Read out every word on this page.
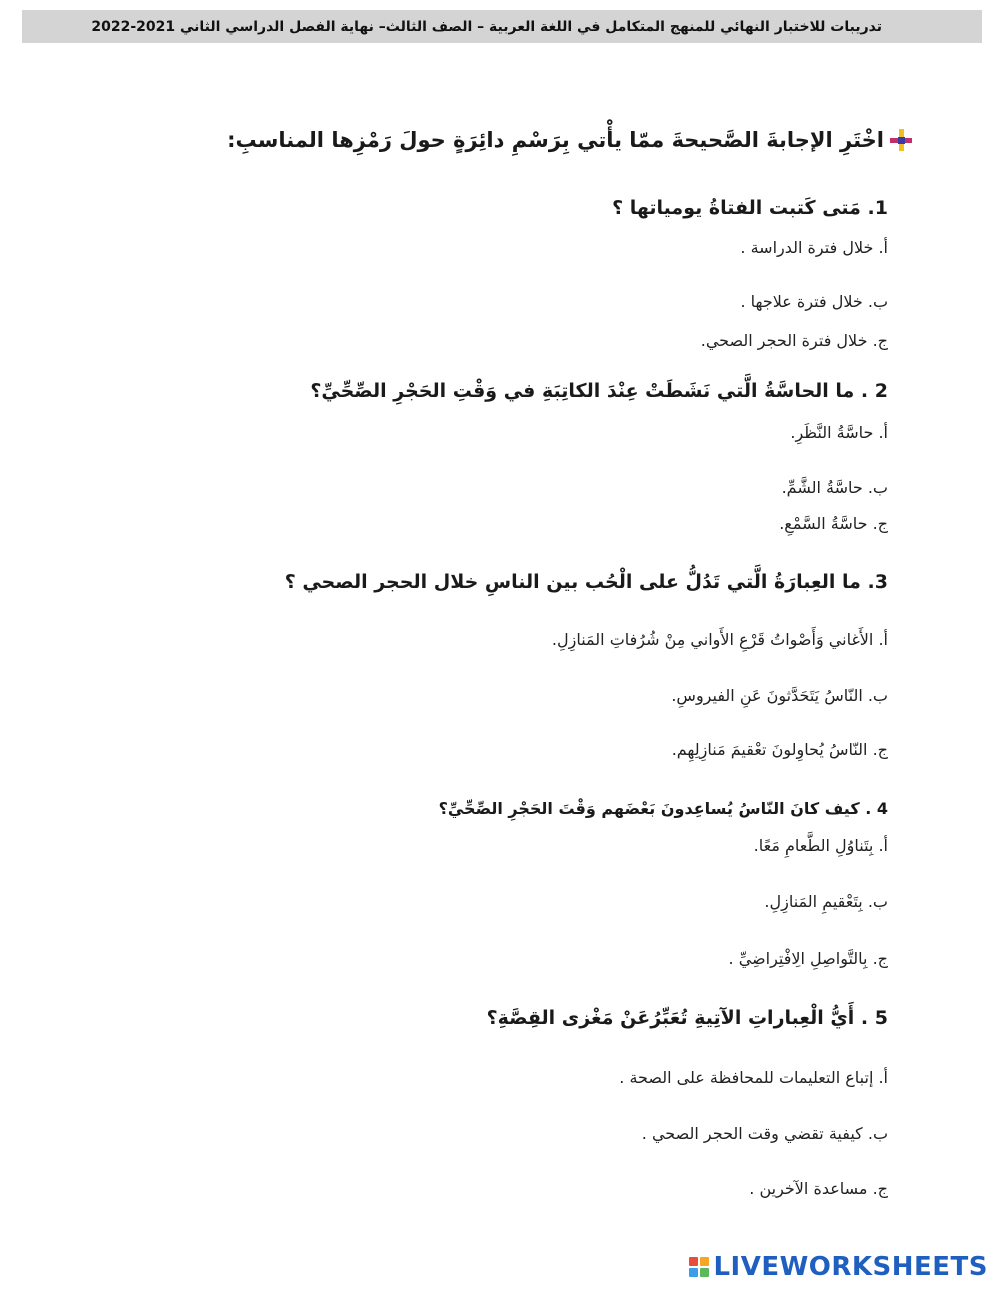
تدريبات للاختبار النهائي للمنهج المتكامل في اللغة العربية – الصف الثالث– نهاية الفصل الدراسي الثاني 2021-2022
اخْتَرِ الإجابةَ الصَّحيحةَ ممّا يأْتي بِرَسْمِ دائِرَةٍ حولَ رَمْزِها المناسبِ:
1. مَتى كَتبت الفتاةُ يومياتها ؟
أ. خلال فترة الدراسة .
ب. خلال فترة علاجها .
ج. خلال فترة الحجر الصحي.
2 . ما الحاسَّةُ الَّتي نَشَطَتْ عِنْدَ الكاتِبَةِ في وَقْتِ الحَجْرِ الصِّحِّيِّ؟
أ. حاسَّةُ النَّظَرِ.
ب. حاسَّةُ الشَّمِّ.
ج. حاسَّةُ السَّمْعِ.
3. ما العِبارَةُ الَّتي تَدُلُّ على الْحُب بين الناسِ خلال الحجر الصحي ؟
أ. الأَغاني وَأَصْواتُ قَرْعِ الأَواني مِنْ شُرُفاتِ المَنازِلِ.
ب. النّاسُ يَتَحَدَّثونَ عَنِ الفيروسِ.
ج. النّاسُ يُحاوِلونَ تعْقيمَ مَنازِلِهِم.
4 . كيف كانَ النّاسُ يُساعِدونَ بَعْضَهم وَقْتَ الحَجْرِ الصِّحِّيِّ؟
أ. بِتَناوُلِ الطَّعامِ مَعًا.
ب. بِتَعْقيمِ المَنازِلِ.
ج. بِالتَّواصِلِ الِافْتِراضِيِّ .
5 . أَيُّ الْعِباراتِ الآتِيةِ تُعَبِّرُعَنْ مَغْزى القِصَّةِ؟
أ. إتباع التعليمات للمحافظة على الصحة .
ب. كيفية تقضي وقت الحجر الصحي .
ج. مساعدة الآخرين .
LIVEWORKSHEETS
